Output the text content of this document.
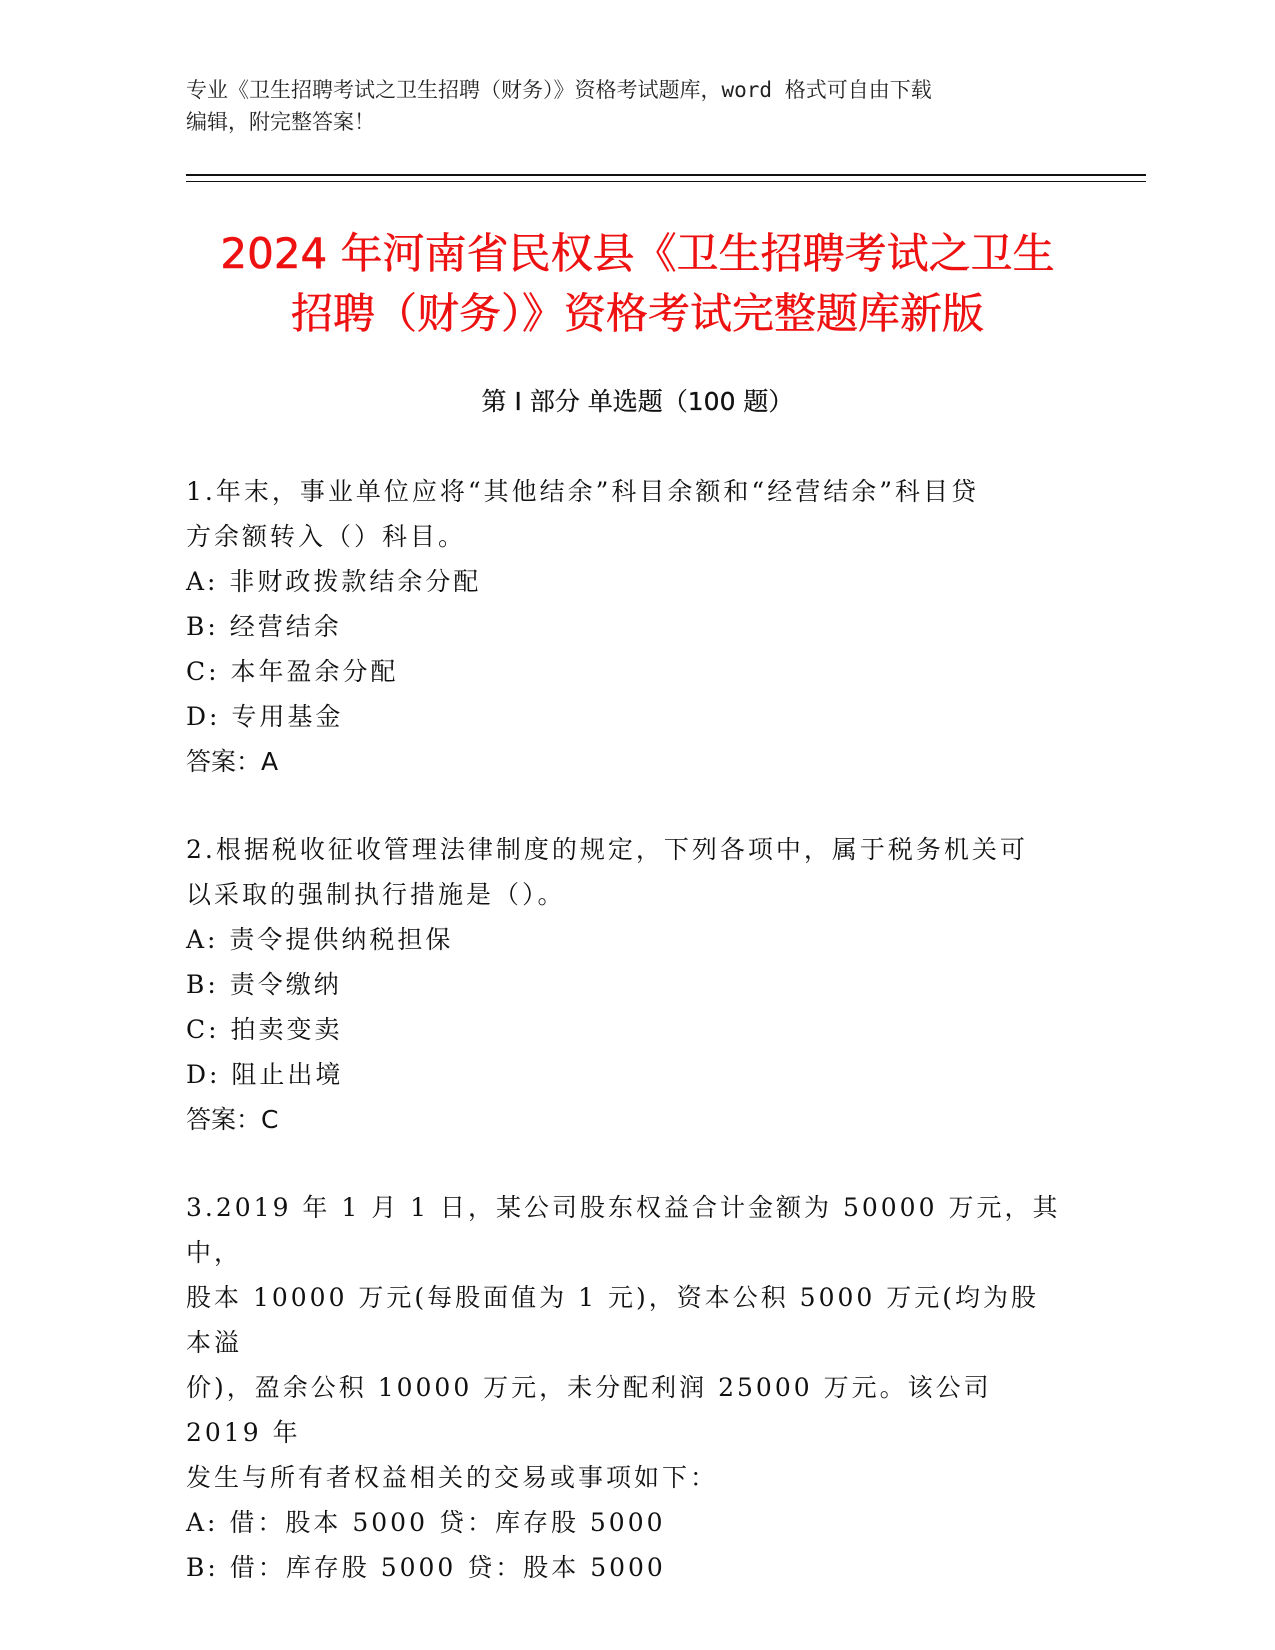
专业《卫生招聘考试之卫生招聘（财务）》资格考试题库，word 格式可自由下载
编辑，附完整答案！
2024 年河南省民权县《卫生招聘考试之卫生
招聘（财务）》资格考试完整题库新版
第 I 部分 单选题（100 题）

1.年末，事业单位应将“其他结余”科目余额和“经营结余”科目贷

方余额转入（）科目。

A: 非财政拨款结余分配

B: 经营结余

C: 本年盈余分配

D: 专用基金

答案：A

2.根据税收征收管理法律制度的规定，下列各项中，属于税务机关可

以采取的强制执行措施是（）。

A: 责令提供纳税担保

B: 责令缴纳

C: 拍卖变卖

D: 阻止出境

答案：C

3.2019 年 1 月 1 日，某公司股东权益合计金额为 50000 万元，其中，

股本 10000 万元(每股面值为 1 元)，资本公积 5000 万元(均为股本溢

价)，盈余公积 10000 万元，未分配利润 25000 万元。该公司 2019 年

发生与所有者权益相关的交易或事项如下：

A: 借：股本 5000 贷：库存股 5000

B: 借：库存股 5000 贷：股本 5000
